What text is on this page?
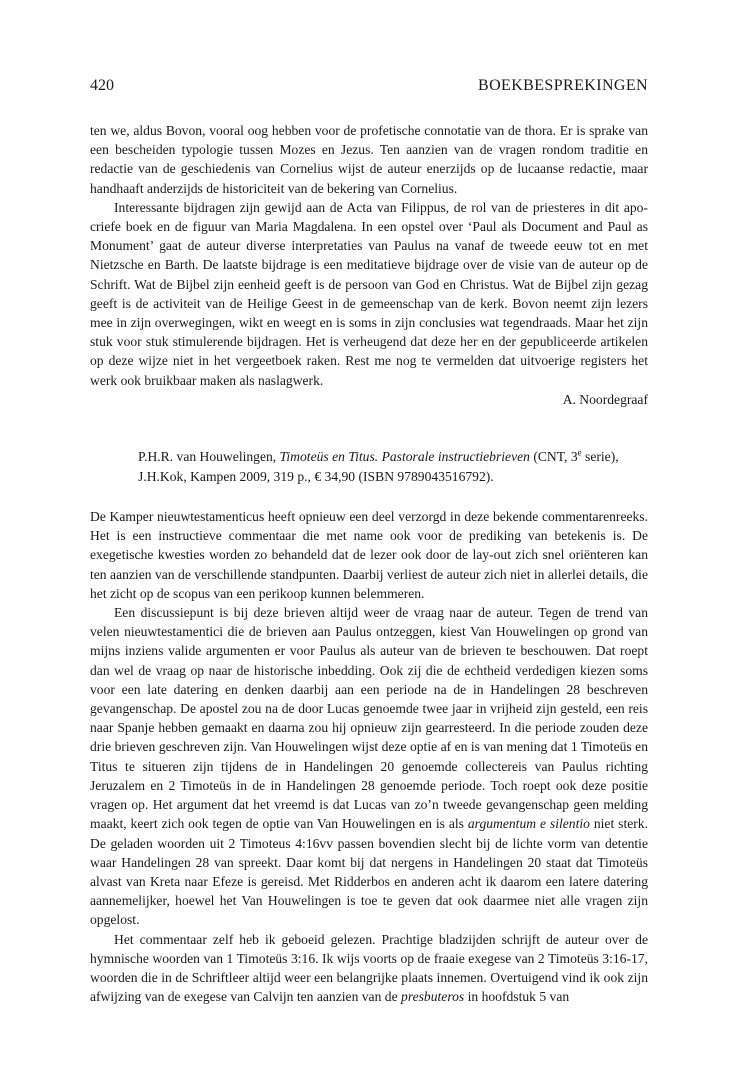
420	BOEKBESPREKINGEN

ten we, aldus Bovon, vooral oog hebben voor de profetische connotatie van de thora. Er is sprake van een bescheiden typologie tussen Mozes en Jezus. Ten aanzien van de vragen rondom traditie en redactie van de geschiedenis van Cornelius wijst de auteur enerzijds op de lucaanse redactie, maar handhaaft anderzijds de historiciteit van de bekering van Cornelius.

Interessante bijdragen zijn gewijd aan de Acta van Filippus, de rol van de priesteres in dit apocriefe boek en de figuur van Maria Magdalena. In een opstel over ‘Paul als Document and Paul as Monument’ gaat de auteur diverse interpretaties van Paulus na vanaf de tweede eeuw tot en met Nietzsche en Barth. De laatste bijdrage is een meditatieve bijdrage over de visie van de auteur op de Schrift. Wat de Bijbel zijn eenheid geeft is de persoon van God en Christus. Wat de Bijbel zijn gezag geeft is de activiteit van de Heilige Geest in de gemeenschap van de kerk. Bovon neemt zijn lezers mee in zijn overwegingen, wikt en weegt en is soms in zijn conclusies wat tegendraads. Maar het zijn stuk voor stuk stimulerende bijdragen. Het is verheugend dat deze her en der gepubliceerde artikelen op deze wijze niet in het vergeetboek raken. Rest me nog te vermelden dat uitvoerige registers het werk ook bruikbaar maken als naslagwerk.

A. Noordegraaf

P.H.R. van Houwelingen, Timoteüs en Titus. Pastorale instructiebrieven (CNT, 3e serie),

J.H.Kok, Kampen 2009, 319 p., € 34,90 (ISBN 9789043516792).

De Kamper nieuwtestamenticus heeft opnieuw een deel verzorgd in deze bekende commentarenreeks. Het is een instructieve commentaar die met name ook voor de prediking van betekenis is. De exegetische kwesties worden zo behandeld dat de lezer ook door de lay-out zich snel oriënteren kan ten aanzien van de verschillende standpunten. Daarbij verliest de auteur zich niet in allerlei details, die het zicht op de scopus van een perikoop kunnen belemmeren.

Een discussiepunt is bij deze brieven altijd weer de vraag naar de auteur. Tegen de trend van velen nieuwtestamentici die de brieven aan Paulus ontzeggen, kiest Van Houwelingen op grond van mijns inziens valide argumenten er voor Paulus als auteur van de brieven te beschouwen. Dat roept dan wel de vraag op naar de historische inbedding. Ook zij die de echtheid verdedigen kiezen soms voor een late datering en denken daarbij aan een periode na de in Handelingen 28 beschreven gevangenschap. De apostel zou na de door Lucas genoemde twee jaar in vrijheid zijn gesteld, een reis naar Spanje hebben gemaakt en daarna zou hij opnieuw zijn gearresteerd. In die periode zouden deze drie brieven geschreven zijn. Van Houwelingen wijst deze optie af en is van mening dat 1 Timoteüs en Titus te situeren zijn tijdens de in Handelingen 20 genoemde collectereis van Paulus richting Jeruzalem en 2 Timoteüs in de in Handelingen 28 genoemde periode. Toch roept ook deze positie vragen op. Het argument dat het vreemd is dat Lucas van zo’n tweede gevangenschap geen melding maakt, keert zich ook tegen de optie van Van Houwelingen en is als argumentum e silentio niet sterk. De geladen woorden uit 2 Timoteus 4:16vv passen bovendien slecht bij de lichte vorm van detentie waar Handelingen 28 van spreekt. Daar komt bij dat nergens in Handelingen 20 staat dat Timoteüs alvast van Kreta naar Efeze is gereisd. Met Ridderbos en anderen acht ik daarom een latere datering aannemelijker, hoewel het Van Houwelingen is toe te geven dat ook daarmee niet alle vragen zijn opgelost.

Het commentaar zelf heb ik geboeid gelezen. Prachtige bladzijden schrijft de auteur over de hymnische woorden van 1 Timoteüs 3:16. Ik wijs voorts op de fraaie exegese van 2 Timoteüs 3:16-17, woorden die in de Schriftleer altijd weer een belangrijke plaats innemen. Overtuigend vind ik ook zijn afwijzing van de exegese van Calvijn ten aanzien van de presbuteros in hoofdstuk 5 van
